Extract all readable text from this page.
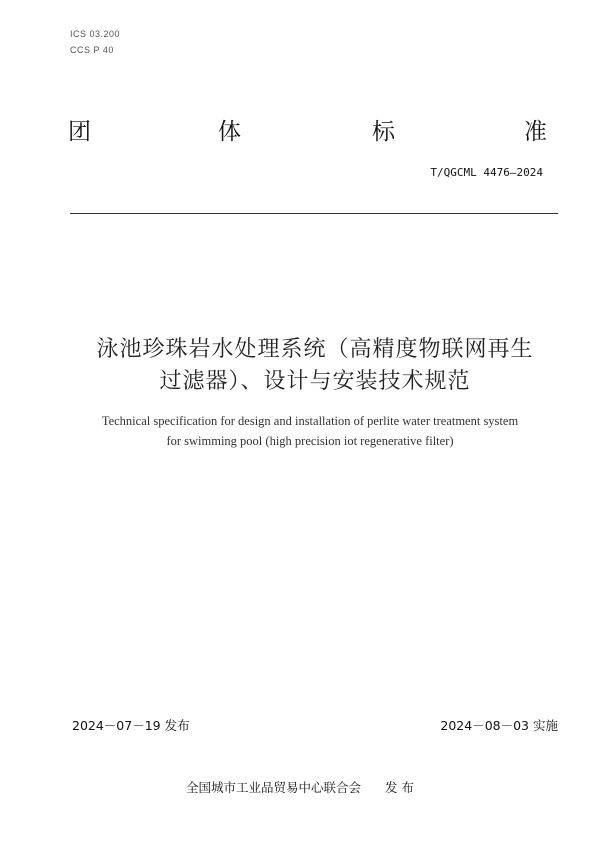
ICS 03.200
CCS P 40
团	体	标	准
T/QGCML 4476—2024
泳池珍珠岩水处理系统（高精度物联网再生
过滤器）、设计与安装技术规范
Technical specification for design and installation of perlite water treatment system
for swimming pool (high precision iot regenerative filter)
2024－07－19 发布	2024－08－03 实施
全国城市工业品贸易中心联合会 发 布
